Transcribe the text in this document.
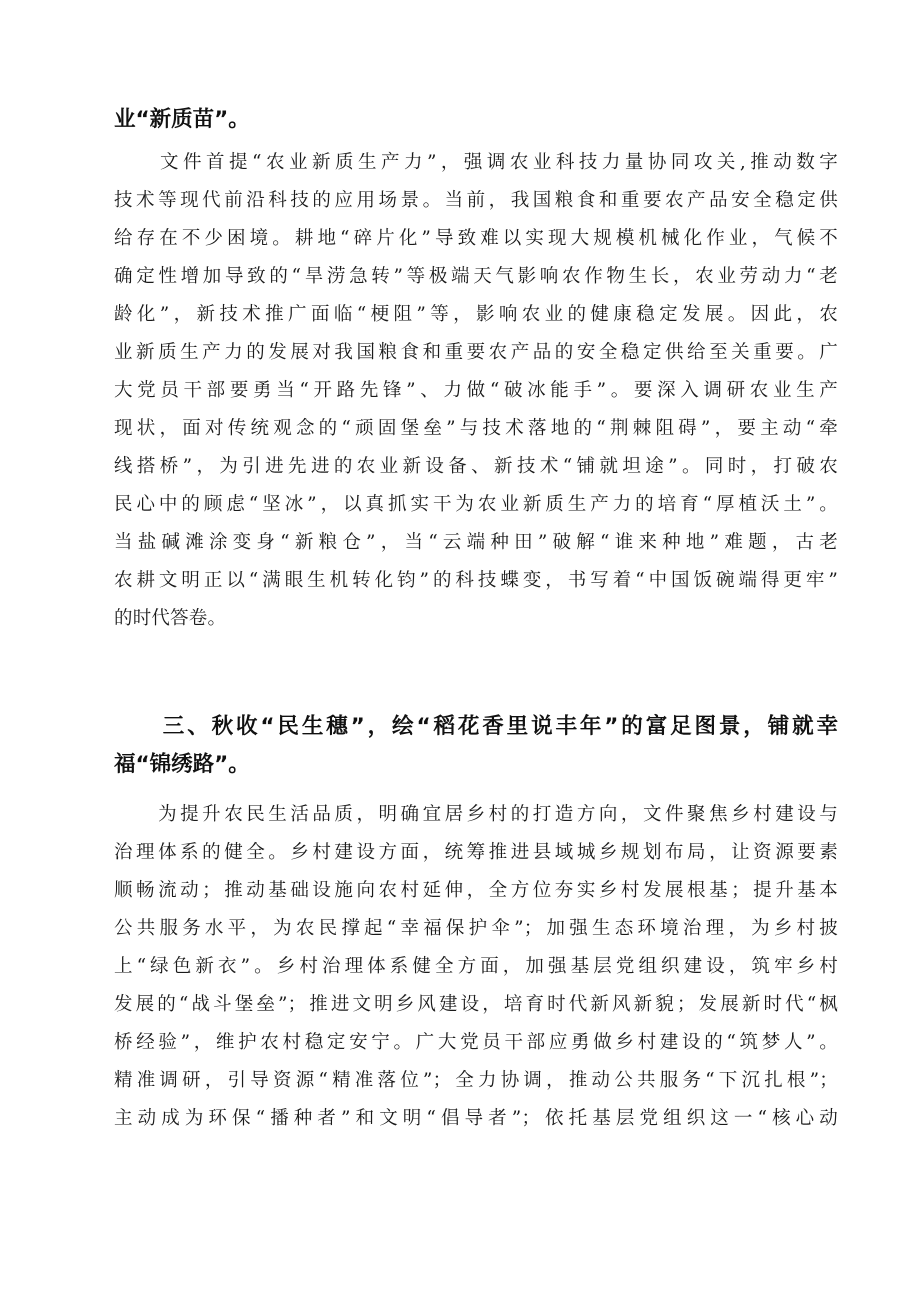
业“新质苗”。
　　文件首提“农业新质生产力”，强调农业科技力量协同攻关,推动数字
技术等现代前沿科技的应用场景。当前，我国粮食和重要农产品安全稳定供
给存在不少困境。耕地“碎片化”导致难以实现大规模机械化作业，气候不
确定性增加导致的“旱涝急转”等极端天气影响农作物生长，农业劳动力“老
龄化”，新技术推广面临“梗阻”等，影响农业的健康稳定发展。因此，农
业新质生产力的发展对我国粮食和重要农产品的安全稳定供给至关重要。广
大党员干部要勇当“开路先锋”、力做“破冰能手”。要深入调研农业生产
现状，面对传统观念的“顽固堡垒”与技术落地的“荆棘阻碍”，要主动“牵
线搭桥”，为引进先进的农业新设备、新技术“铺就坦途”。同时，打破农
民心中的顾虑“坚冰”，以真抓实干为农业新质生产力的培育“厚植沃土”。
当盐碱滩涂变身“新粮仓”，当“云端种田”破解“谁来种地”难题，古老
农耕文明正以“满眼生机转化钧”的科技蝶变，书写着“中国饭碗端得更牢”
的时代答卷。
　　三、秋收“民生穗”，绘“稻花香里说丰年”的富足图景，铺就幸
福“锦绣路”。
　　为提升农民生活品质，明确宜居乡村的打造方向，文件聚焦乡村建设与
治理体系的健全。乡村建设方面，统筹推进县域城乡规划布局，让资源要素
顺畅流动；推动基础设施向农村延伸，全方位夯实乡村发展根基；提升基本
公共服务水平，为农民撑起“幸福保护伞”；加强生态环境治理，为乡村披
上“绿色新衣”。乡村治理体系健全方面，加强基层党组织建设，筑牢乡村
发展的“战斗堡垒”；推进文明乡风建设，培育时代新风新貌；发展新时代“枫
桥经验”，维护农村稳定安宁。广大党员干部应勇做乡村建设的“筑梦人”。
精准调研，引导资源“精准落位”；全力协调，推动公共服务“下沉扎根”；
主动成为环保“播种者”和文明“倡导者”；依托基层党组织这一“核心动
